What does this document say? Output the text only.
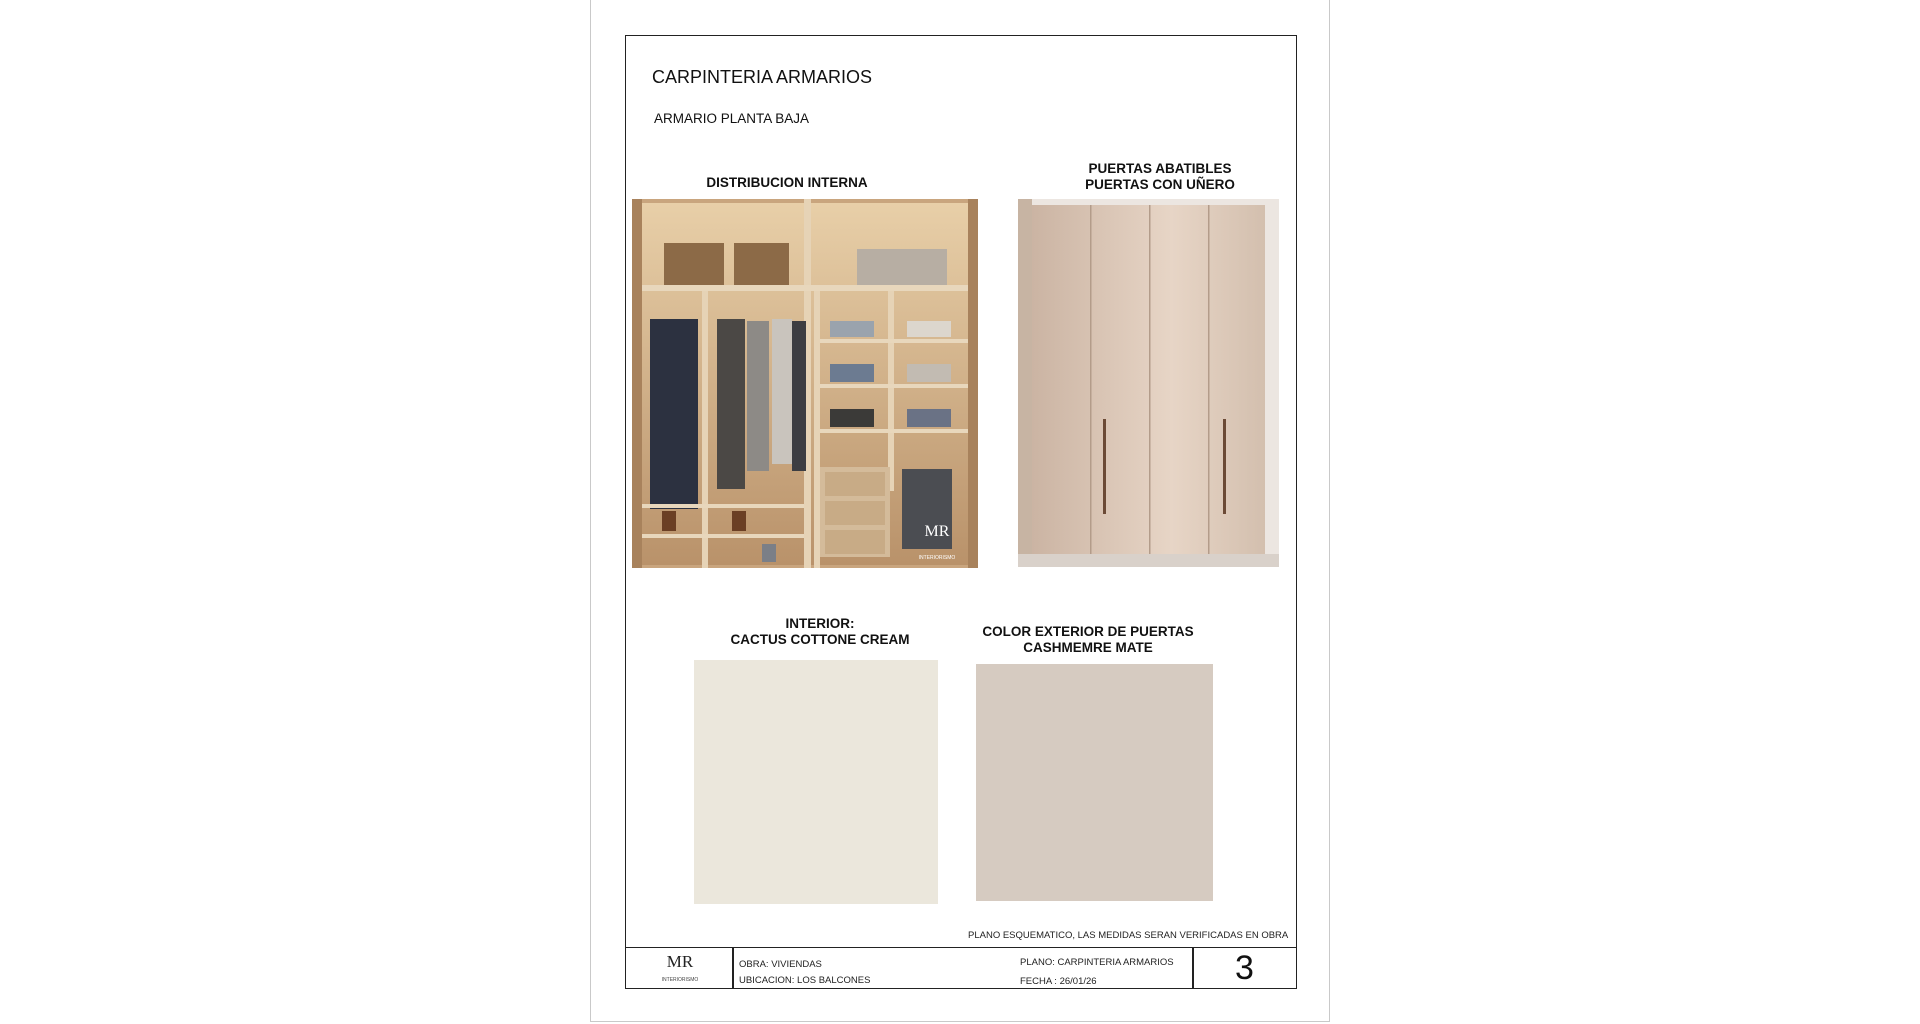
CARPINTERIA ARMARIOS
ARMARIO PLANTA BAJA
DISTRIBUCION INTERNA
MR
INTERIORISMO
PUERTAS ABATIBLES
PUERTAS CON UÑERO
INTERIOR:
CACTUS COTTONE CREAM
COLOR EXTERIOR DE PUERTAS
CASHMEMRE MATE
PLANO ESQUEMATICO, LAS MEDIDAS SERAN VERIFICADAS EN OBRA
MR
INTERIORISMO
OBRA: VIVIENDAS
UBICACION: LOS BALCONES
PLANO: CARPINTERIA ARMARIOS
FECHA : 26/01/26	3
